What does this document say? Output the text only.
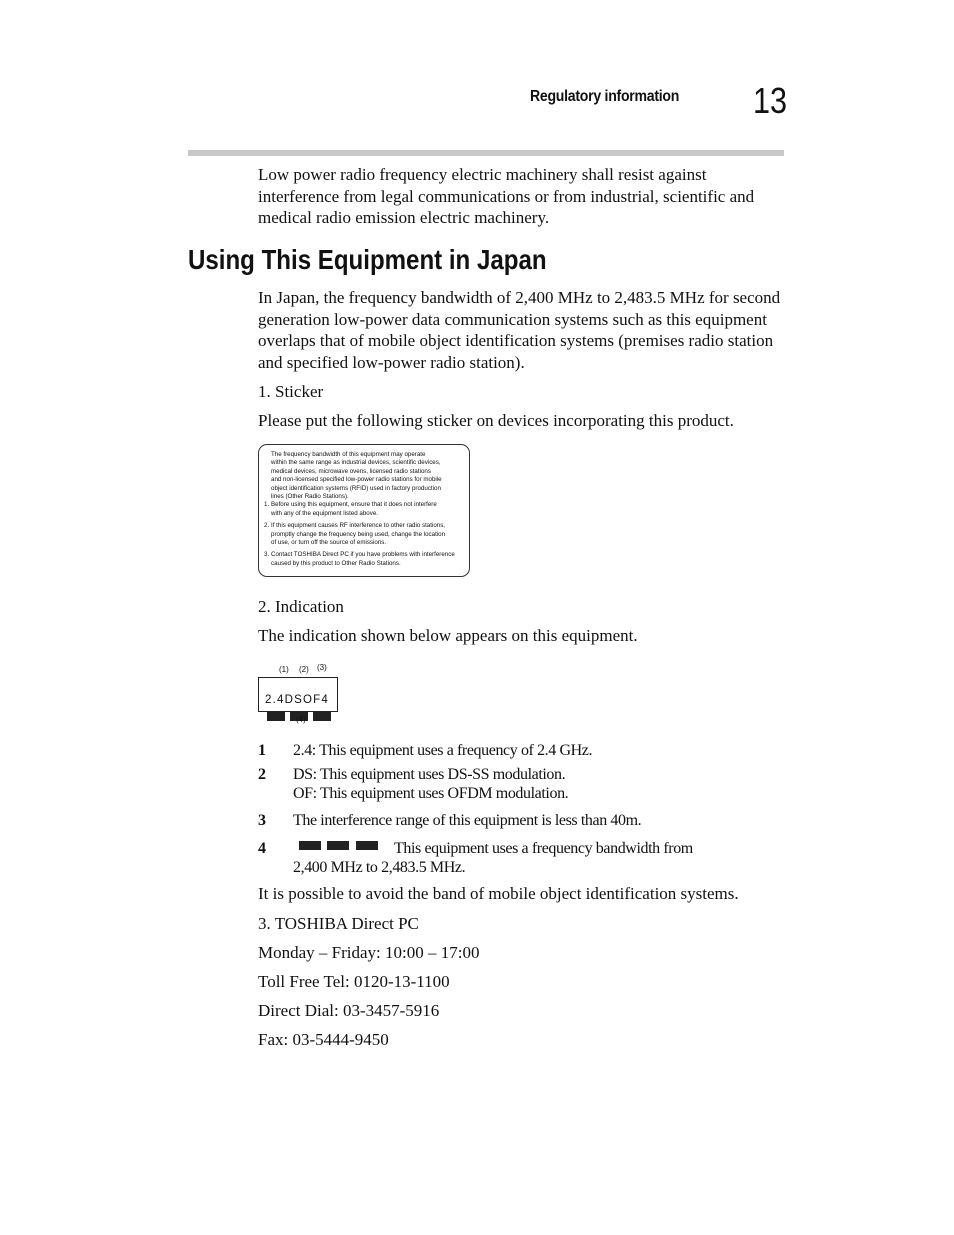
Regulatory information 13
Low power radio frequency electric machinery shall resist against interference from legal communications or from industrial, scientific and medical radio emission electric machinery.
Using This Equipment in Japan
In Japan, the frequency bandwidth of 2,400 MHz to 2,483.5 MHz for second generation low-power data communication systems such as this equipment overlaps that of mobile object identification systems (premises radio station and specified low-power radio station).
1. Sticker
Please put the following sticker on devices incorporating this product.
The frequency bandwidth of this equipment may operate
within the same range as industrial devices, scientific devices,
medical devices, microwave ovens, licensed radio stations
and non-licensed specified low-power radio stations for mobile
object identification systems (RFID) used in factory production
lines (Other Radio Stations).
1. Before using this equipment, ensure that it does not interfere
with any of the equipment listed above.
2. If this equipment causes RF interference to other radio stations,
promptly change the frequency being used, change the location
of use, or turn off the source of emissions.
3. Contact TOSHIBA Direct PC if you have problems with interference
caused by this product to Other Radio Stations.
2. Indication
The indication shown below appears on this equipment.
(1) (2) (3)
2.4DSOF4
(4)
1 2.4: This equipment uses a frequency of 2.4 GHz.
2 DS: This equipment uses DS-SS modulation.
OF: This equipment uses OFDM modulation.
3 The interference range of this equipment is less than 40m.
4	This equipment uses a frequency bandwidth from
2,400 MHz to 2,483.5 MHz.
It is possible to avoid the band of mobile object identification systems.
3. TOSHIBA Direct PC
Monday – Friday: 10:00 – 17:00
Toll Free Tel: 0120-13-1100
Direct Dial: 03-3457-5916
Fax: 03-5444-9450
